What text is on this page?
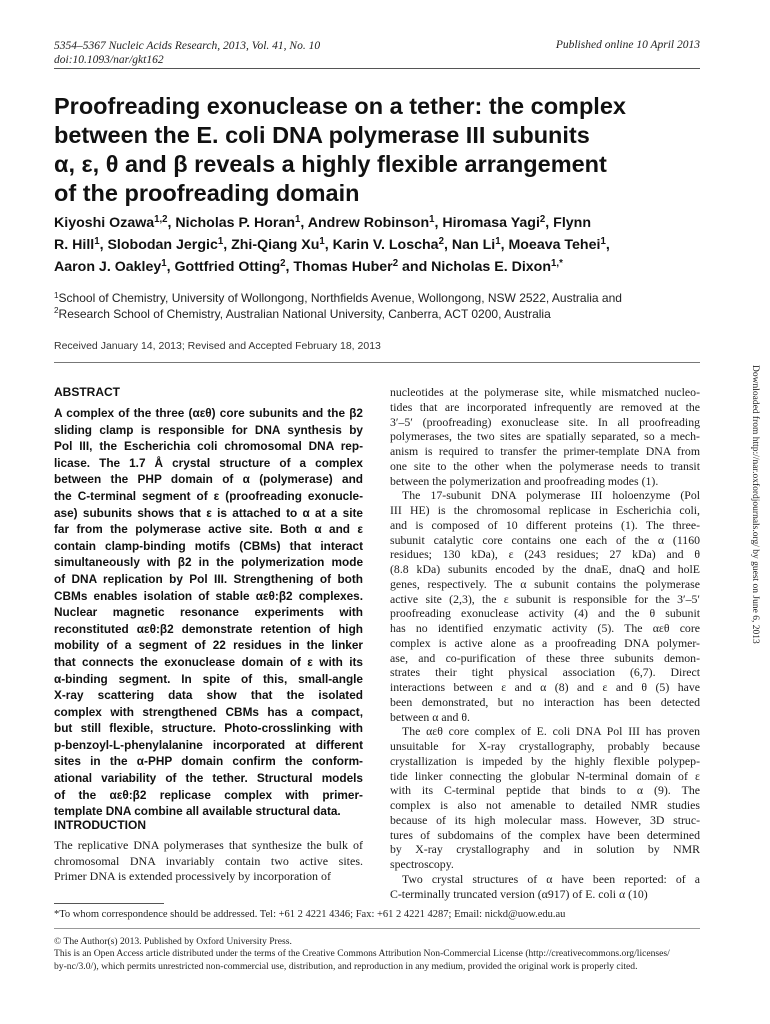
5354–5367 Nucleic Acids Research, 2013, Vol. 41, No. 10
doi:10.1093/nar/gkt162
Published online 10 April 2013
Proofreading exonuclease on a tether: the complex
between the E. coli DNA polymerase III subunits
α, ε, θ and β reveals a highly flexible arrangement
of the proofreading domain
Kiyoshi Ozawa$^{1,2}$, Nicholas P. Horan$^1$, Andrew Robinson$^1$, Hiromasa Yagi$^2$, Flynn
R. Hill$^1$, Slobodan Jergic$^1$, Zhi-Qiang Xu$^1$, Karin V. Loscha$^2$, Nan Li$^1$, Moeava Tehei$^1$,
Aaron J. Oakley$^1$, Gottfried Otting$^2$, Thomas Huber$^2$ and Nicholas E. Dixon$^{1,*}$
$^1$School of Chemistry, University of Wollongong, Northfields Avenue, Wollongong, NSW 2522, Australia and
$^2$Research School of Chemistry, Australian National University, Canberra, ACT 0200, Australia
Received January 14, 2013; Revised and Accepted February 18, 2013
ABSTRACT
A complex of the three (αεθ) core subunits and the β2
sliding clamp is responsible for DNA synthesis by
Pol III, the Escherichia coli chromosomal DNA rep-
licase. The 1.7 Å crystal structure of a complex
between the PHP domain of α (polymerase) and
the C-terminal segment of ε (proofreading exonucle-
ase) subunits shows that ε is attached to α at a site
far from the polymerase active site. Both α and ε
contain clamp-binding motifs (CBMs) that interact
simultaneously with β2 in the polymerization mode
of DNA replication by Pol III. Strengthening of both
CBMs enables isolation of stable αεθ:β2 complexes.
Nuclear magnetic resonance experiments with
reconstituted αεθ:β2 demonstrate retention of high
mobility of a segment of 22 residues in the linker
that connects the exonuclease domain of ε with its
α-binding segment. In spite of this, small-angle
X-ray scattering data show that the isolated
complex with strengthened CBMs has a compact,
but still flexible, structure. Photo-crosslinking with
p-benzoyl-L-phenylalanine incorporated at different
sites in the α-PHP domain confirm the conform-
ational variability of the tether. Structural models
of the αεθ:β2 replicase complex with primer-
template DNA combine all available structural data.
INTRODUCTION
The replicative DNA polymerases that synthesize the bulk of
chromosomal DNA invariably contain two active sites.
Primer DNA is extended processively by incorporation of
nucleotides at the polymerase site, while mismatched nucleo-
tides that are incorporated infrequently are removed at the
3′–5′ (proofreading) exonuclease site. In all proofreading
polymerases, the two sites are spatially separated, so a mech-
anism is required to transfer the primer-template DNA from
one site to the other when the polymerase needs to transit
between the polymerization and proofreading modes (1).
The 17-subunit DNA polymerase III holoenzyme (Pol
III HE) is the chromosomal replicase in Escherichia coli,
and is composed of 10 different proteins (1). The three-
subunit catalytic core contains one each of the α (1160
residues; 130 kDa), ε (243 residues; 27 kDa) and θ
(8.8 kDa) subunits encoded by the dnaE, dnaQ and holE
genes, respectively. The α subunit contains the polymerase
active site (2,3), the ε subunit is responsible for the 3′–5′
proofreading exonuclease activity (4) and the θ subunit
has no identified enzymatic activity (5). The αεθ core
complex is active alone as a proofreading DNA polymer-
ase, and co-purification of these three subunits demon-
strates their tight physical association (6,7). Direct
interactions between ε and α (8) and ε and θ (5) have
been demonstrated, but no interaction has been detected
between α and θ.
The αεθ core complex of E. coli DNA Pol III has proven
unsuitable for X-ray crystallography, probably because
crystallization is impeded by the highly flexible polypep-
tide linker connecting the globular N-terminal domain of ε
with its C-terminal peptide that binds to α (9). The
complex is also not amenable to detailed NMR studies
because of its high molecular mass. However, 3D struc-
tures of subdomains of the complex have been determined
by X-ray crystallography and in solution by NMR
spectroscopy.
Two crystal structures of α have been reported: of a
C-terminally truncated version (α917) of E. coli α (10)
Downloaded from http://nar.oxfordjournals.org/ by guest on June 6, 2013
*To whom correspondence should be addressed. Tel: +61 2 4221 4346; Fax: +61 2 4221 4287; Email: nickd@uow.edu.au
© The Author(s) 2013. Published by Oxford University Press.
This is an Open Access article distributed under the terms of the Creative Commons Attribution Non-Commercial License (http://creativecommons.org/licenses/
by-nc/3.0/), which permits unrestricted non-commercial use, distribution, and reproduction in any medium, provided the original work is properly cited.
